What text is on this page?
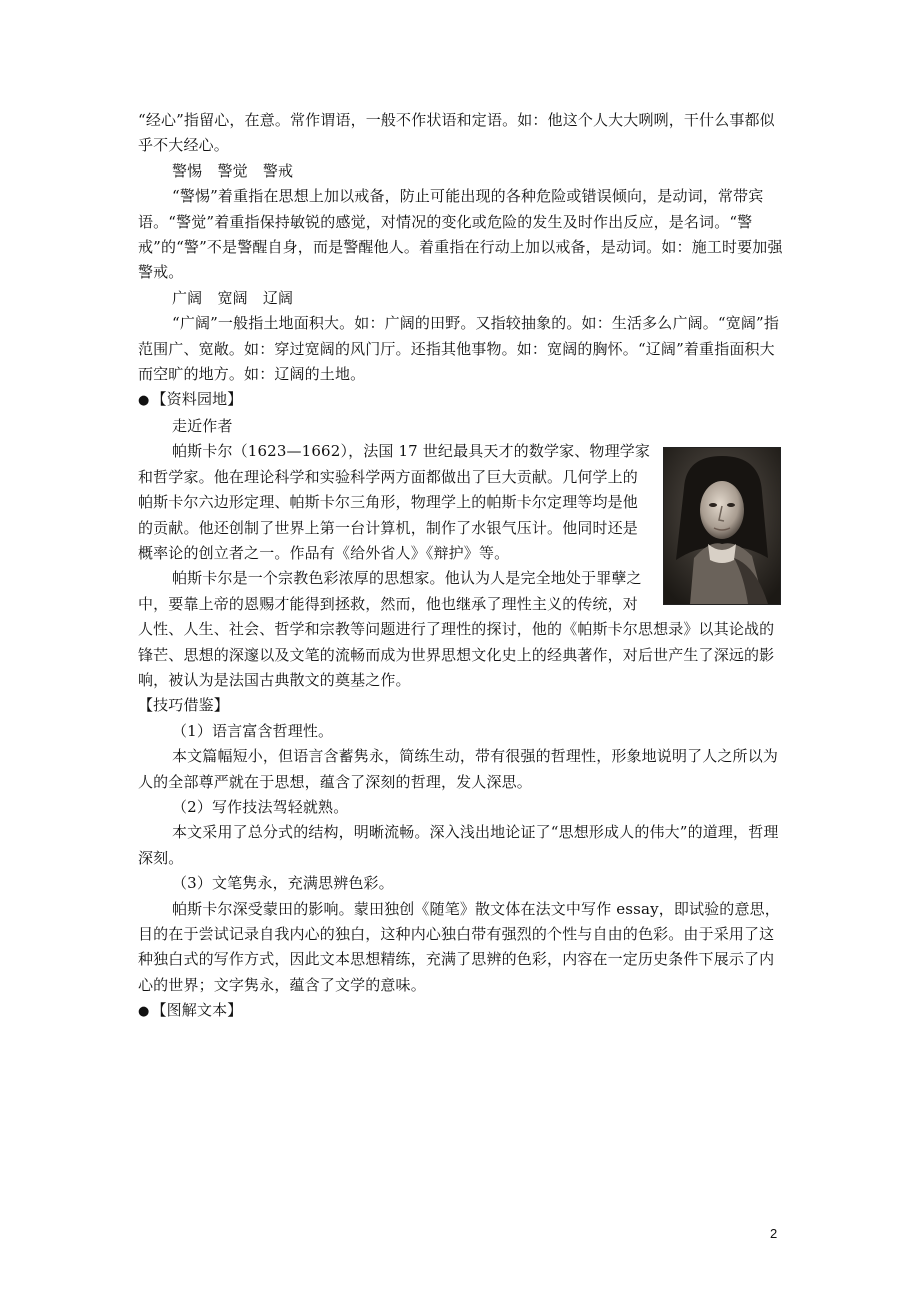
“经心”指留心，在意。常作谓语，一般不作状语和定语。如：他这个人大大咧咧，干什么事都似乎不大经心。

警惕　警觉　警戒

“警惕”着重指在思想上加以戒备，防止可能出现的各种危险或错误倾向，是动词，常带宾语。“警觉”着重指保持敏锐的感觉，对情况的变化或危险的发生及时作出反应，是名词。“警戒”的“警”不是警醒自身，而是警醒他人。着重指在行动上加以戒备，是动词。如：施工时要加强警戒。

广阔　宽阔　辽阔

“广阔”一般指土地面积大。如：广阔的田野。又指较抽象的。如：生活多么广阔。“宽阔”指范围广、宽敞。如：穿过宽阔的风门厅。还指其他事物。如：宽阔的胸怀。“辽阔”着重指面积大而空旷的地方。如：辽阔的土地。

● 【资料园地】

走近作者

帕斯卡尔（1623—1662），法国 17 世纪最具天才的数学家、物理学家和哲学家。他在理论科学和实验科学两方面都做出了巨大贡献。几何学上的帕斯卡尔六边形定理、帕斯卡尔三角形，物理学上的帕斯卡尔定理等均是他的贡献。他还创制了世界上第一台计算机，制作了水银气压计。他同时还是概率论的创立者之一。作品有《给外省人》《辩护》等。

帕斯卡尔是一个宗教色彩浓厚的思想家。他认为人是完全地处于罪孽之中，要靠上帝的恩赐才能得到拯救，然而，他也继承了理性主义的传统，对人性、人生、社会、哲学和宗教等问题进行了理性的探讨，他的《帕斯卡尔思想录》以其论战的锋芒、思想的深邃以及文笔的流畅而成为世界思想文化史上的经典著作，对后世产生了深远的影响，被认为是法国古典散文的奠基之作。

【技巧借鉴】

（1）语言富含哲理性。

本文篇幅短小，但语言含蓄隽永，简练生动，带有很强的哲理性，形象地说明了人之所以为人的全部尊严就在于思想，蕴含了深刻的哲理，发人深思。

（2）写作技法驾轻就熟。

本文采用了总分式的结构，明晰流畅。深入浅出地论证了“思想形成人的伟大”的道理，哲理深刻。

（3）文笔隽永，充满思辨色彩。

帕斯卡尔深受蒙田的影响。蒙田独创《随笔》散文体在法文中写作 essay，即试验的意思，目的在于尝试记录自我内心的独白，这种内心独白带有强烈的个性与自由的色彩。由于采用了这种独白式的写作方式，因此文本思想精练，充满了思辨的色彩，内容在一定历史条件下展示了内心的世界；文字隽永，蕴含了文学的意味。

● 【图解文本】

2
